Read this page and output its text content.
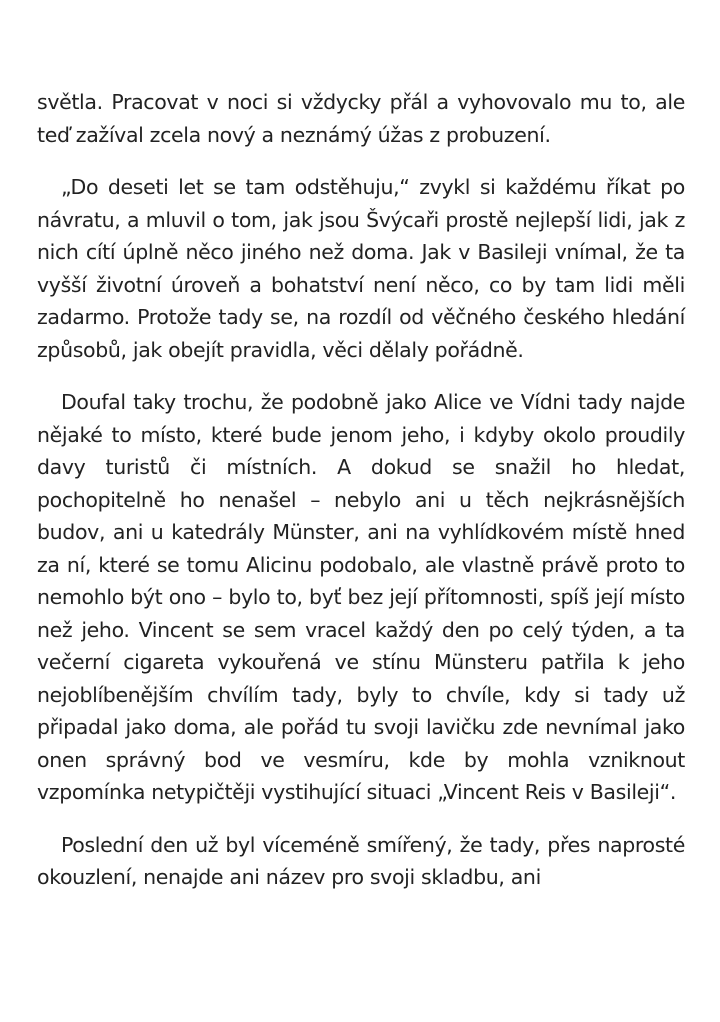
světla. Pracovat v noci si vždycky přál a vyhovovalo mu to, ale teď zažíval zcela nový a neznámý úžas z probuzení.

„Do deseti let se tam odstěhuju,“ zvykl si každému říkat po návratu, a mluvil o tom, jak jsou Švýcaři prostě nejlepší lidi, jak z nich cítí úplně něco jiného než doma. Jak v Basileji vnímal, že ta vyšší životní úroveň a bohatství není něco, co by tam lidi měli zadarmo. Protože tady se, na rozdíl od věčného českého hledání způsobů, jak obejít pravidla, věci dělaly pořádně.

Doufal taky trochu, že podobně jako Alice ve Vídni tady najde nějaké to místo, které bude jenom jeho, i kdyby okolo proudily davy turistů či místních. A dokud se snažil ho hledat, pochopitelně ho nenašel – nebylo ani u těch nejkrásnějších budov, ani u katedrály Münster, ani na vyhlídkovém místě hned za ní, které se tomu Alicinu podobalo, ale vlastně právě proto to nemohlo být ono – bylo to, byť bez její přítomnosti, spíš její místo než jeho. Vincent se sem vracel každý den po celý týden, a ta večerní cigareta vykouřená ve stínu Münsteru patřila k jeho nejoblíbenějším chvílím tady, byly to chvíle, kdy si tady už připadal jako doma, ale pořád tu svoji lavičku zde nevnímal jako onen správný bod ve vesmíru, kde by mohla vzniknout vzpomínka netypičtěji vystihující situaci „Vincent Reis v Basileji“.

Poslední den už byl víceméně smířený, že tady, přes naprosté okouzlení, nenajde ani název pro svoji skladbu, ani
